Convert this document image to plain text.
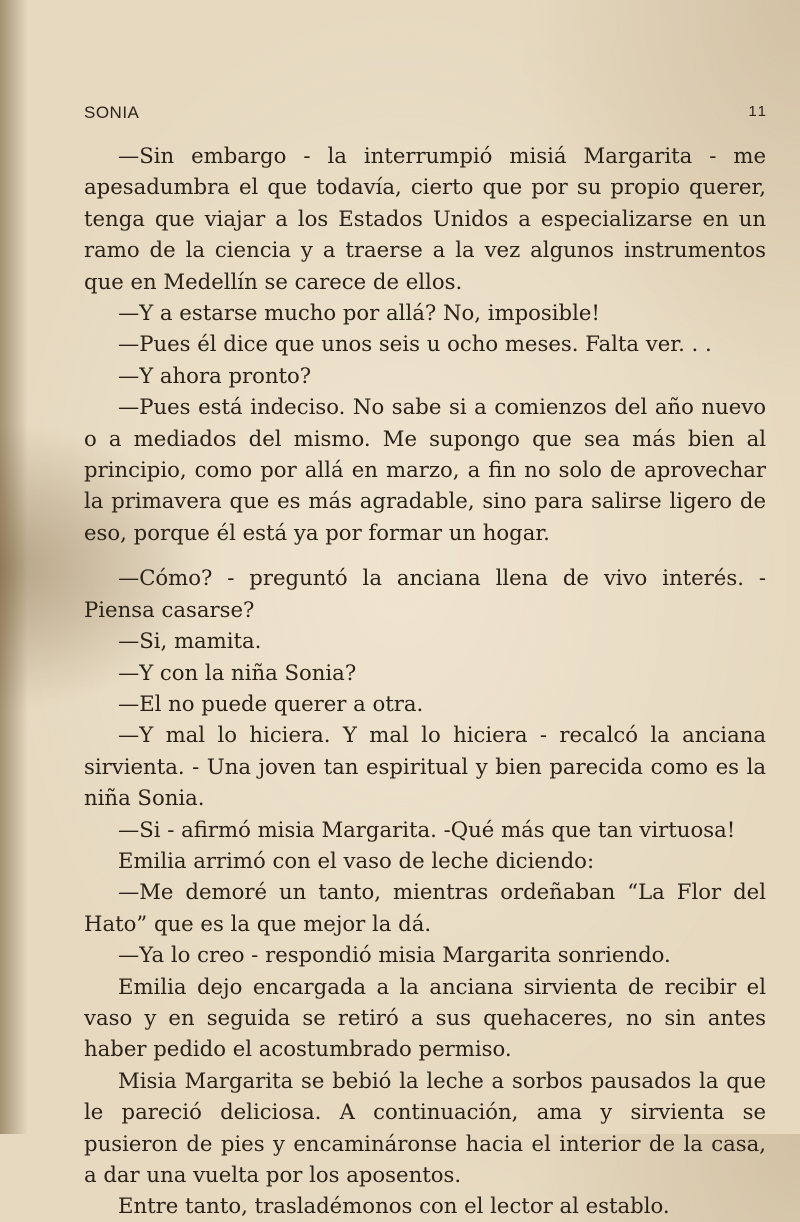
SONIA	11

—Sin embargo - la interrumpió misiá Margarita - me apesadumbra el que todavía, cierto que por su propio querer, tenga que viajar a los Estados Unidos a especializarse en un ramo de la ciencia y a traerse a la vez algunos instrumentos que en Medellín se carece de ellos.

—Y a estarse mucho por allá? No, imposible!

—Pues él dice que unos seis u ocho meses. Falta ver. . .

—Y ahora pronto?

—Pues está indeciso. No sabe si a comienzos del año nuevo o a mediados del mismo. Me supongo que sea más bien al principio, como por allá en marzo, a fin no solo de aprovechar la primavera que es más agradable, sino para salirse ligero de eso, porque él está ya por formar un hogar.

—Cómo? - preguntó la anciana llena de vivo interés. - Piensa casarse?

—Si, mamita.

—Y con la niña Sonia?

—El no puede querer a otra.

—Y mal lo hiciera. Y mal lo hiciera - recalcó la anciana sirvienta. - Una joven tan espiritual y bien parecida como es la niña Sonia.

—Si - afirmó misia Margarita. -Qué más que tan virtuosa!

Emilia arrimó con el vaso de leche diciendo:

—Me demoré un tanto, mientras ordeñaban “La Flor del Hato” que es la que mejor la dá.

—Ya lo creo - respondió misia Margarita sonriendo.

Emilia dejo encargada a la anciana sirvienta de recibir el vaso y en seguida se retiró a sus quehaceres, no sin antes haber pedido el acostumbrado permiso.

Misia Margarita se bebió la leche a sorbos pausados la que le pareció deliciosa. A continuación, ama y sirvienta se pusieron de pies y encamináronse hacia el interior de la casa, a dar una vuelta por los aposentos.

Entre tanto, trasladémonos con el lector al establo.
